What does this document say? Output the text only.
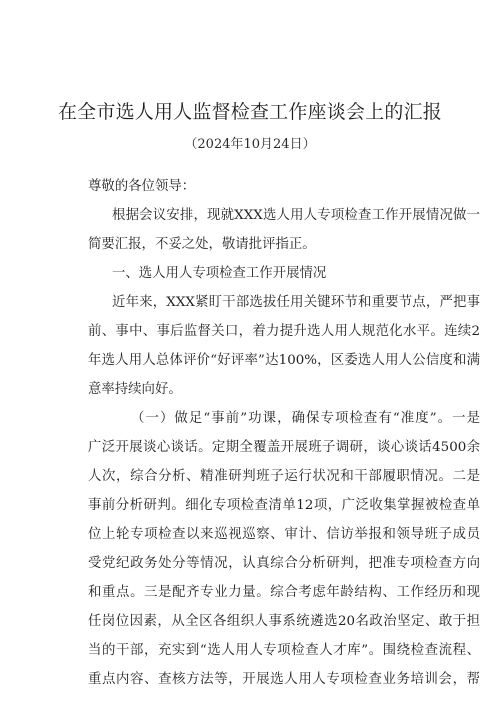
在全市选人用人监督检查工作座谈会上的汇报
（2024年10月24日）
尊敬的各位领导：
根据会议安排，现就XXX选人用人专项检查工作开展情况做一
简要汇报，不妥之处，敬请批评指正。
一、选人用人专项检查工作开展情况
近年来，XXX紧盯干部选拔任用关键环节和重要节点，严把事
前、事中、事后监督关口，着力提升选人用人规范化水平。连续2
年选人用人总体评价“好评率”达100%，区委选人用人公信度和满
意率持续向好。
（一）做足“事前”功课，确保专项检查有“准度”。一是
广泛开展谈心谈话。定期全覆盖开展班子调研，谈心谈话4500余
人次，综合分析、精准研判班子运行状况和干部履职情况。二是
事前分析研判。细化专项检查清单12项，广泛收集掌握被检查单
位上轮专项检查以来巡视巡察、审计、信访举报和领导班子成员
受党纪政务处分等情况，认真综合分析研判，把准专项检查方向
和重点。三是配齐专业力量。综合考虑年龄结构、工作经历和现
任岗位因素，从全区各组织人事系统遴选20名政治坚定、敢于担
当的干部，充实到“选人用人专项检查人才库”。围绕检查流程、
重点内容、查核方法等，开展选人用人专项检查业务培训会，帮
